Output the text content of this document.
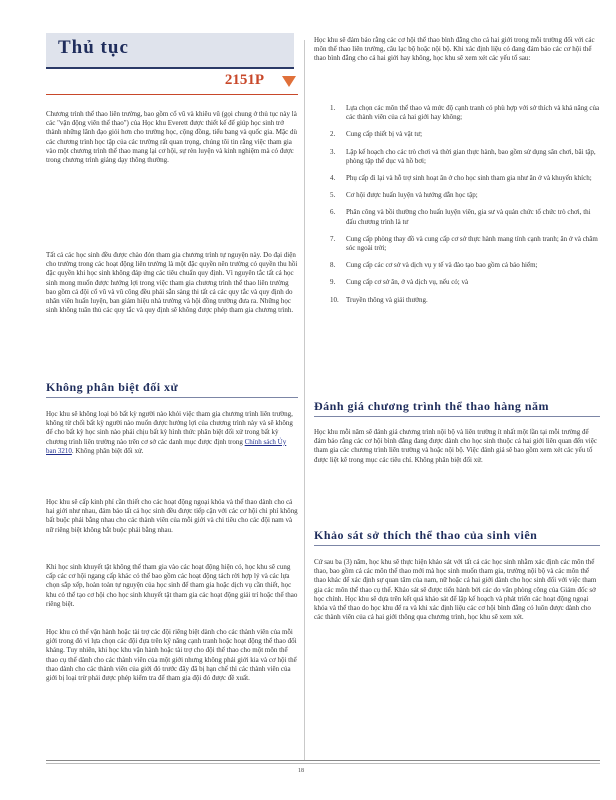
Thủ tục
2151P

Chương trình thể thao liên trường, bao gồm cổ vũ và khiêu vũ (gọi chung ở thủ tục này là các "vận động viên thể thao") của Học khu Everett được thiết kế để giúp học sinh trở thành những lãnh đạo giỏi hơn cho trường học, cộng đồng, tiểu bang và quốc gia. Mặc dù các chương trình học tập của các trường rất quan trọng, chúng tôi tin rằng việc tham gia vào một chương trình thể thao mang lại cơ hội, sự rèn luyện và kinh nghiệm mà có được trong chương trình giảng dạy thông thường.

Tất cả các học sinh đều được chào đón tham gia chương trình tự nguyện này. Do đại diện cho trường trong các hoạt động liên trường là một đặc quyền nên trường có quyền thu hồi đặc quyền khi học sinh không đáp ứng các tiêu chuẩn quy định. Vì nguyên tắc tất cả học sinh mong muốn được hướng lợi trong việc tham gia chương trình thể thao liên trường bao gồm cả đội cổ vũ và vũ công đều phải sẵn sàng thi tất cả các quy tắc và quy định do nhân viên huấn luyện, ban giám hiệu nhà trường và hội đồng trường đưa ra. Những học sinh không tuân thủ các quy tắc và quy định sẽ không được phép tham gia chương trình.

Không phân biệt đối xử

Học khu sẽ không loại bỏ bất kỳ người nào khỏi việc tham gia chương trình liên trường, không từ chối bất kỳ người nào muốn được hưởng lợi của chương trình này và sẽ không để cho bất kỳ học sinh nào phải chịu bất kỳ hình thức phân biệt đối xử trong bất kỳ chương trình liên trường nào trên cơ sở các danh mục được định trong Chính sách Ủy ban 3210. Không phân biệt đối xử.

Học khu sẽ cấp kinh phí cần thiết cho các hoạt động ngoại khóa và thể thao dành cho cả hai giới như nhau, đảm bảo tất cả học sinh đều được tiếp cận với các cơ hội chi phí không bất buộc phải bằng nhau cho các thành viên của mỗi giới và chi tiêu cho các đội nam và nữ riêng biệt không bắt buộc phải bằng nhau.

Khi học sinh khuyết tật không thể tham gia vào các hoạt động hiện có, học khu sẽ cung cấp các cơ hội ngang cấp khác có thể bao gồm các hoạt động tách rời hợp lý và các lựa chọn sắp xếp, hoàn toàn tự nguyện của học sinh để tham gia hoặc dịch vụ cần thiết, học khu có thể tạo cơ hội cho học sinh khuyết tật tham gia các hoạt động giải trí hoặc thể thao riêng biệt.

Học khu có thể vận hành hoặc tài trợ các đội riêng biệt dành cho các thành viên của mỗi giới trong đó vì lựa chọn các đội đựa trên kỹ năng cạnh tranh hoặc hoạt động thể thao đối kháng. Tuy nhiên, khi học khu vận hành hoặc tài trợ cho đội thể thao cho một môn thể thao cụ thể dành cho các thành viên của một giới nhưng không phải giới kia và cơ hội thể thao dành cho các thành viên của giới đó trước đây đã bị hạn chế thì các thành viên của giới bị loại trừ phải được phép kiểm tra để tham gia đội đó được đề xuất.

Học khu sẽ đảm bảo rằng các cơ hội thể thao bình đẳng cho cả hai giới trong mỗi trường đối với các môn thể thao liên trường, câu lạc bộ hoặc nội bộ. Khi xác định liệu có đang đảm bảo các cơ hội thể thao bình đẳng cho cả hai giới hay không, học khu sẽ xem xét các yếu tố sau:

1. Lựa chọn các môn thể thao và mức độ cạnh tranh có phù hợp với sở thích và khả năng của các thành viên của cả hai giới hay không;
2. Cung cấp thiết bị và vật tư;
3. Lập kế hoạch cho các trò chơi và thời gian thực hành, bao gồm sử dụng sân chơi, bãi tập, phòng tập thể dục và hồ bơi;
4. Phụ cấp đi lại và hỗ trợ sinh hoạt ăn ở cho học sinh tham gia như ăn ở và khuyến khích;
5. Cơ hội được huấn luyện và hướng dẫn học tập;
6. Phân công và bồi thường cho huấn luyện viên, gia sư và quản chức tổ chức trò chơi, thi đấu chương trình là tư
7. Cung cấp phòng thay đồ và cung cấp cơ sở thực hành mang tính cạnh tranh; ăn ở và chăm sóc ngoài trời;
8. Cung cấp các cơ sở và dịch vụ y tế và đào tạo bao gồm cả bảo hiểm;
9. Cung cấp cơ sở ăn, ở và dịch vụ, nếu có; và
10. Truyền thông và giải thưởng.
Đánh giá chương trình thể thao hàng năm

Học khu mỗi năm sẽ đánh giá chương trình nội bộ và liên trường ít nhất một lần tại mỗi trường để đảm bảo rằng các cơ hội bình đẳng đang được dành cho học sinh thuộc cả hai giới liên quan đến việc tham gia các chương trình liên trường và hoặc nội bộ. Việc đánh giá sẽ bao gồm xem xét các yếu tố được liệt kê trong mục các tiêu chí. Không phân biệt đối xử.

Khảo sát sở thích thể thao của sinh viên

Cứ sau ba (3) năm, học khu sẽ thực hiện khảo sát với tất cả các học sinh nhằm xác định các môn thể thao, bao gồm cả các môn thể thao mới mà học sinh muốn tham gia, trường nội bộ và các môn thể thao khác để xác định sự quan tâm của nam, nữ hoặc cả hai giới dành cho học sinh đối với việc tham gia các môn thể thao cụ thể. Khảo sát sẽ được tiến hành bởi các do văn phòng công của Giám đốc sở học chính. Học khu sẽ dựa trên kết quả khảo sát để lập kế hoạch và phát triển các hoạt động ngoại khóa và thể thao do học khu để ra và khi xác định liệu các cơ hội bình đẳng có luôn được dành cho các thành viên của cả hai giới thông qua chương trình, học khu sẽ xem xét.

18
